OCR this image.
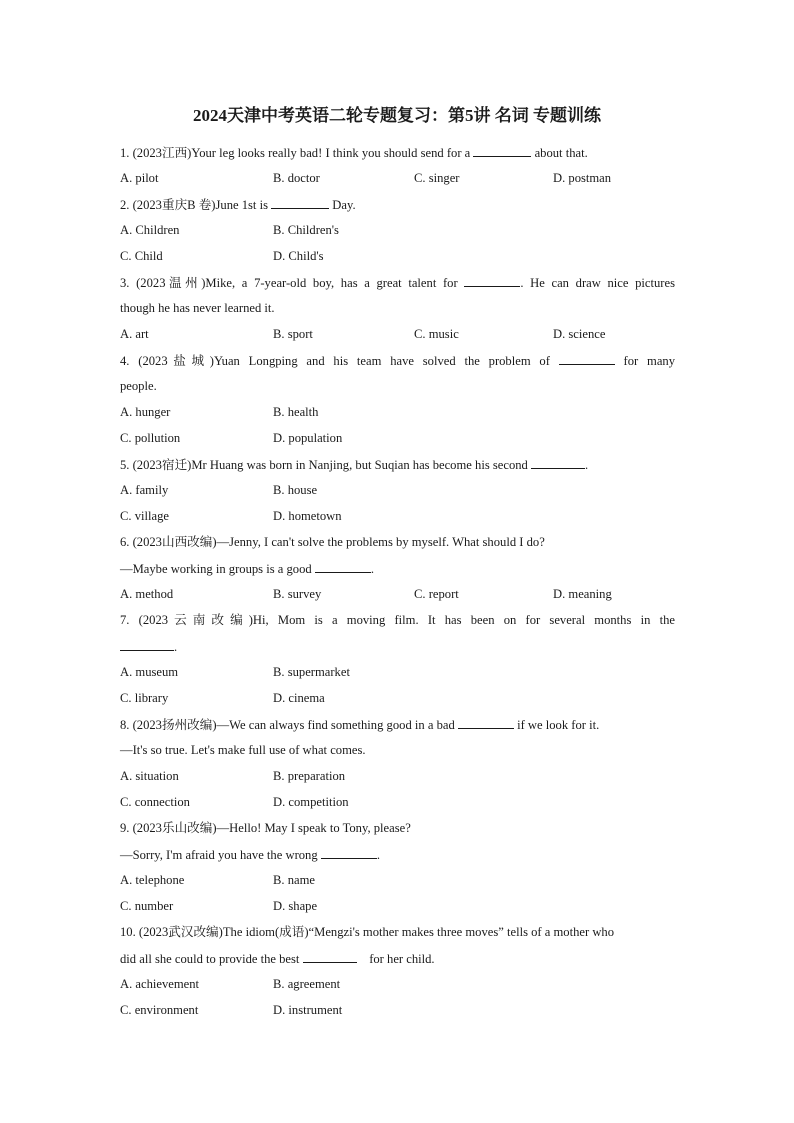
2024天津中考英语二轮专题复习：第5讲 名词 专题训练
1. (2023江西)Your leg looks really bad! I think you should send for a	about that.
A. pilot	B. doctor	C. singer	D. postman
2. (2023重庆B 卷)June 1st is	Day.
A. Children	B. Children's
C. Child	D. Child's
3. (2023温州)Mike, a 7-year-old boy, has a great talent for	. He can draw nice pictures
though he has never learned it.
A. art	B. sport	C. music	D. science
4. (2023盐城)Yuan Longping and his team have solved the problem of	for many
people.
A. hunger	B. health
C. pollution	D. population
5. (2023宿迁)Mr Huang was born in Nanjing, but Suqian has become his second	.
A. family	B. house
C. village	D. hometown
6. (2023山西改编)—Jenny, I can't solve the problems by myself. What should I do?
—Maybe working in groups is a good	.
A. method	B. survey	C. report	D. meaning
7. (2023云南改编)Hi, Mom is a moving film. It has been on for several months in the
.
A. museum	B. supermarket
C. library	D. cinema
8. (2023扬州改编)—We can always find something good in a bad	if we look for it.
—It's so true. Let's make full use of what comes.
A. situation	B. preparation
C. connection	D. competition
9. (2023乐山改编)—Hello! May I speak to Tony, please?
—Sorry, I'm afraid you have the wrong	.
A. telephone	B. name
C. number	D. shape
10. (2023武汉改编)The idiom(成语)“Mengzi's mother makes three moves” tells of a mother who
did all she could to provide the best	for her child.
A. achievement	B. agreement
C. environment	D. instrument
